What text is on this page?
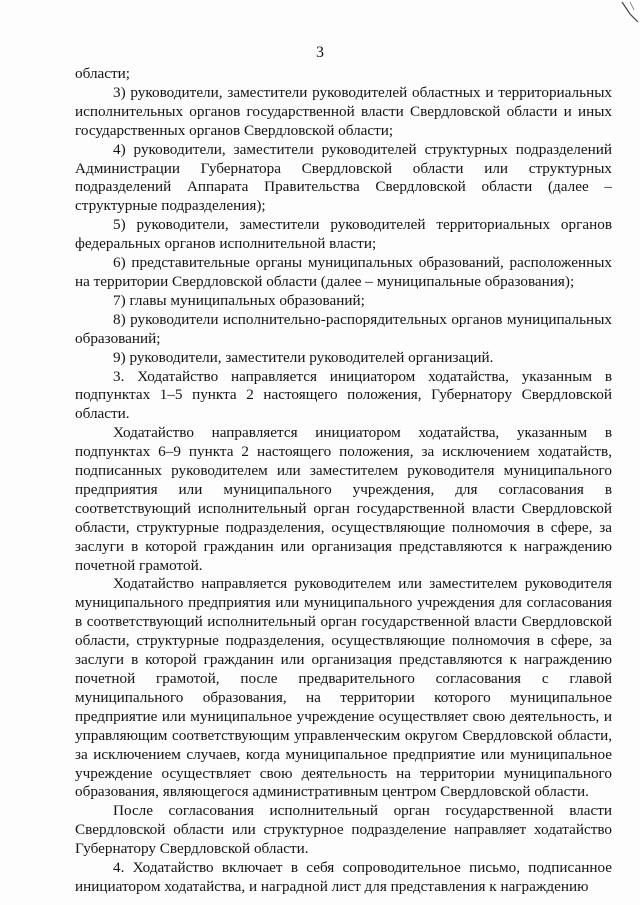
3

области;

3) руководители, заместители руководителей областных и территориальных исполнительных органов государственной власти Свердловской области и иных государственных органов Свердловской области;

4) руководители, заместители руководителей структурных подразделений Администрации Губернатора Свердловской области или структурных подразделений Аппарата Правительства Свердловской области (далее – структурные подразделения);

5) руководители, заместители руководителей территориальных органов федеральных органов исполнительной власти;

6) представительные органы муниципальных образований, расположенных на территории Свердловской области (далее – муниципальные образования);

7) главы муниципальных образований;

8) руководители исполнительно-распорядительных органов муниципальных образований;

9) руководители, заместители руководителей организаций.

3. Ходатайство направляется инициатором ходатайства, указанным в подпунктах 1–5 пункта 2 настоящего положения, Губернатору Свердловской области.

Ходатайство направляется инициатором ходатайства, указанным в подпунктах 6–9 пункта 2 настоящего положения, за исключением ходатайств, подписанных руководителем или заместителем руководителя муниципального предприятия или муниципального учреждения, для согласования в соответствующий исполнительный орган государственной власти Свердловской области, структурные подразделения, осуществляющие полномочия в сфере, за заслуги в которой гражданин или организация представляются к награждению почетной грамотой.

Ходатайство направляется руководителем или заместителем руководителя муниципального предприятия или муниципального учреждения для согласования в соответствующий исполнительный орган государственной власти Свердловской области, структурные подразделения, осуществляющие полномочия в сфере, за заслуги в которой гражданин или организация представляются к награждению почетной грамотой, после предварительного согласования с главой муниципального образования, на территории которого муниципальное предприятие или муниципальное учреждение осуществляет свою деятельность, и управляющим соответствующим управленческим округом Свердловской области, за исключением случаев, когда муниципальное предприятие или муниципальное учреждение осуществляет свою деятельность на территории муниципального образования, являющегося административным центром Свердловской области.

После согласования исполнительный орган государственной власти Свердловской области или структурное подразделение направляет ходатайство Губернатору Свердловской области.

4. Ходатайство включает в себя сопроводительное письмо, подписанное инициатором ходатайства, и наградной лист для представления к награждению
